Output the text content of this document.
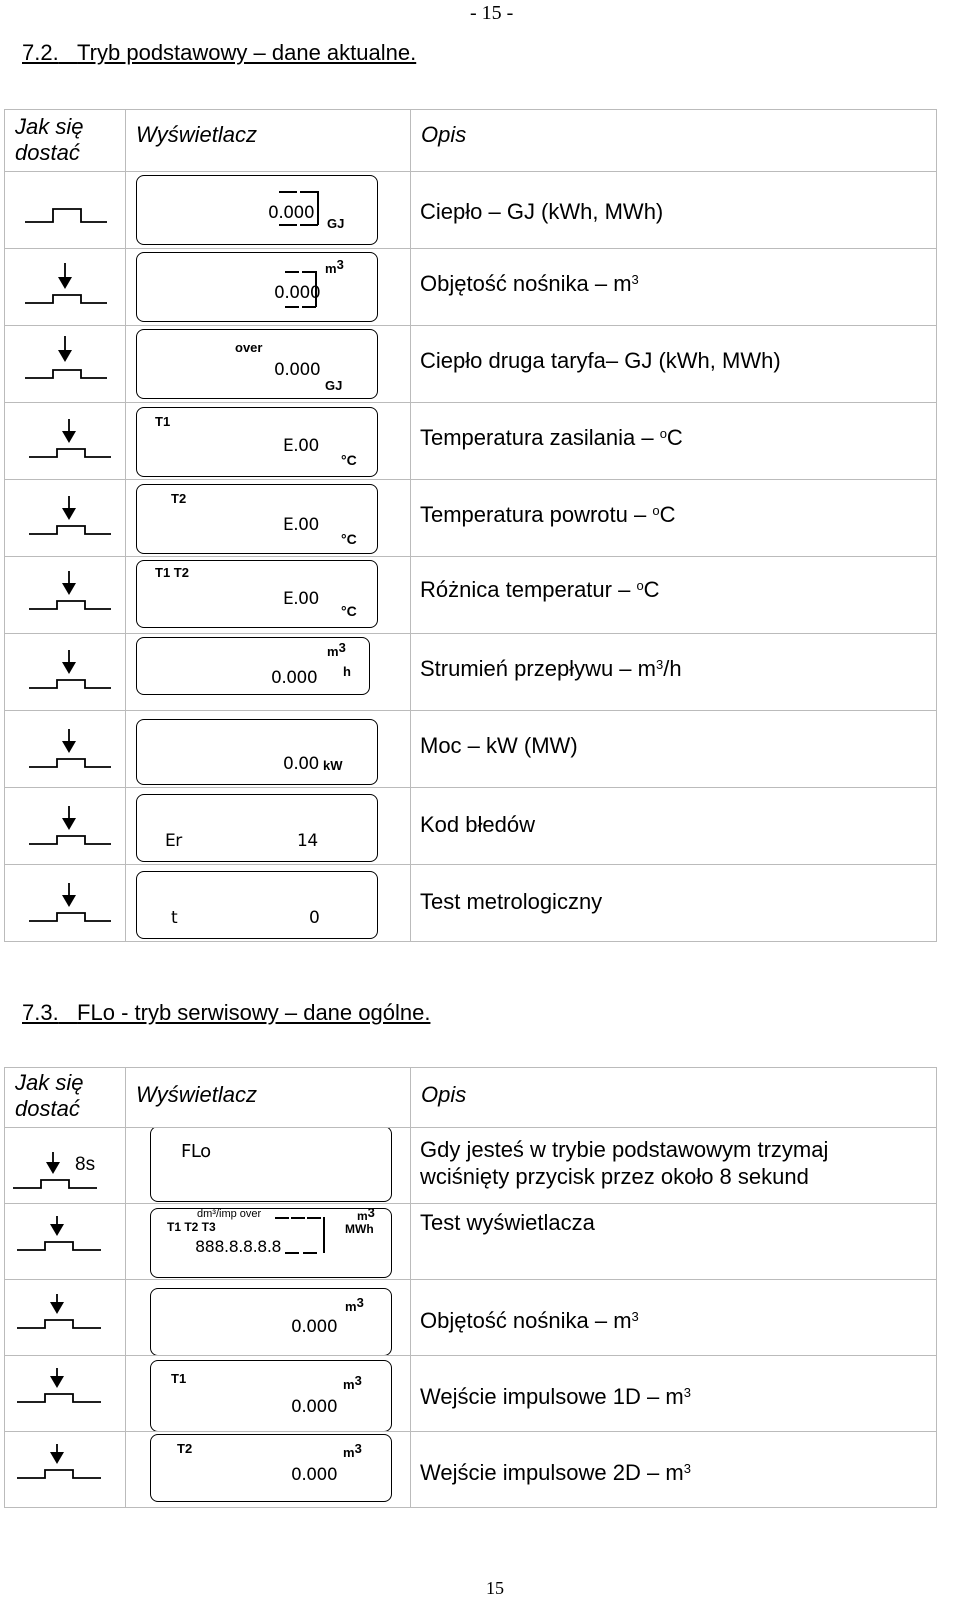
- 15 -
7.2. Tryb podstawowy – dane aktualne.
Jak się dostać	Wyświetlacz	Opis

0.000
GJ	Ciepło – GJ (kWh, MWh)

0.000
$m^3$	Objętość nośnika – $m^3$

over
0.000
GJ	Ciepło druga taryfa– GJ (kWh, MWh)

T1
E.00
°C	Temperatura zasilania – $^o$C

T2
E.00
°C	Temperatura powrotu – $^o$C

T1 T2
E.00
°C	Różnica temperatur – $^o$C

0.000
$m^3$
h	Strumień przepływu – $m^3/h$

0.00 kW	Moc – kW (MW)

Er 14	Kod błedów

t 0	Test metrologiczny
7.3. FLo - tryb serwisowy – dane ogólne.
Jak się dostać	Wyświetlacz	Opis

8s	FLo	Gdy jesteś w trybie podstawowym trzymaj wciśnięty przycisk przez około 8 sekund

dm³/imp over
T1 T2 T3
888.8.8.8.8
$m^3$
MWh	Test wyświetlacza

0.000
$m^3$	Objętość nośnika – $m^3$

T1
0.000
$m^3$	Wejście impulsowe $1D - m^3$

T2
0.000
$m^3$	Wejście impulsowe $2D - m^3$
15
